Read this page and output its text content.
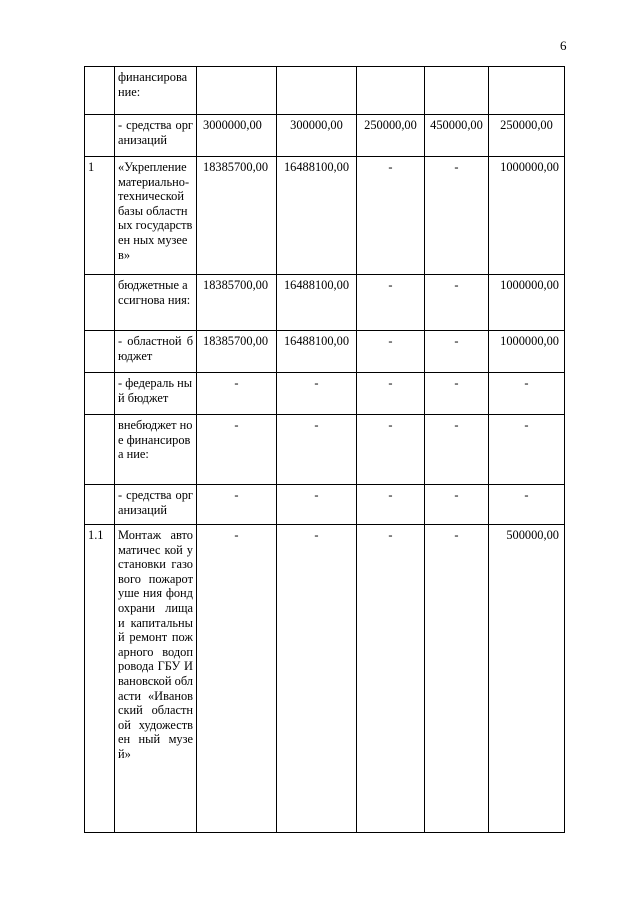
6
	финансирова ние:					
	- средства организаций	3000000,00	300000,00	250000,00	450000,00	250000,00
1	«Укрепление материально-технической базы областных государствен ных музеев»	18385700,00	16488100,00	-	-	1000000,00
	бюджетные ассигнова ния:	18385700,00	16488100,00	-	-	1000000,00
	- областной бюджет	18385700,00	16488100,00	-	-	1000000,00
	- федераль ный бюджет	-	-	-	-	-
	внебюджет ное финансирова ние:	-	-	-	-	-
	- средства организаций	-	-	-	-	-
1.1	Монтаж автоматичес кой установки газового пожаротуше ния фондохрани лища и капитальный ремонт пожарного водопровода ГБУ Ивановской области «Ивановский областной художествен ный музей»	-	-	-	-	500000,00
